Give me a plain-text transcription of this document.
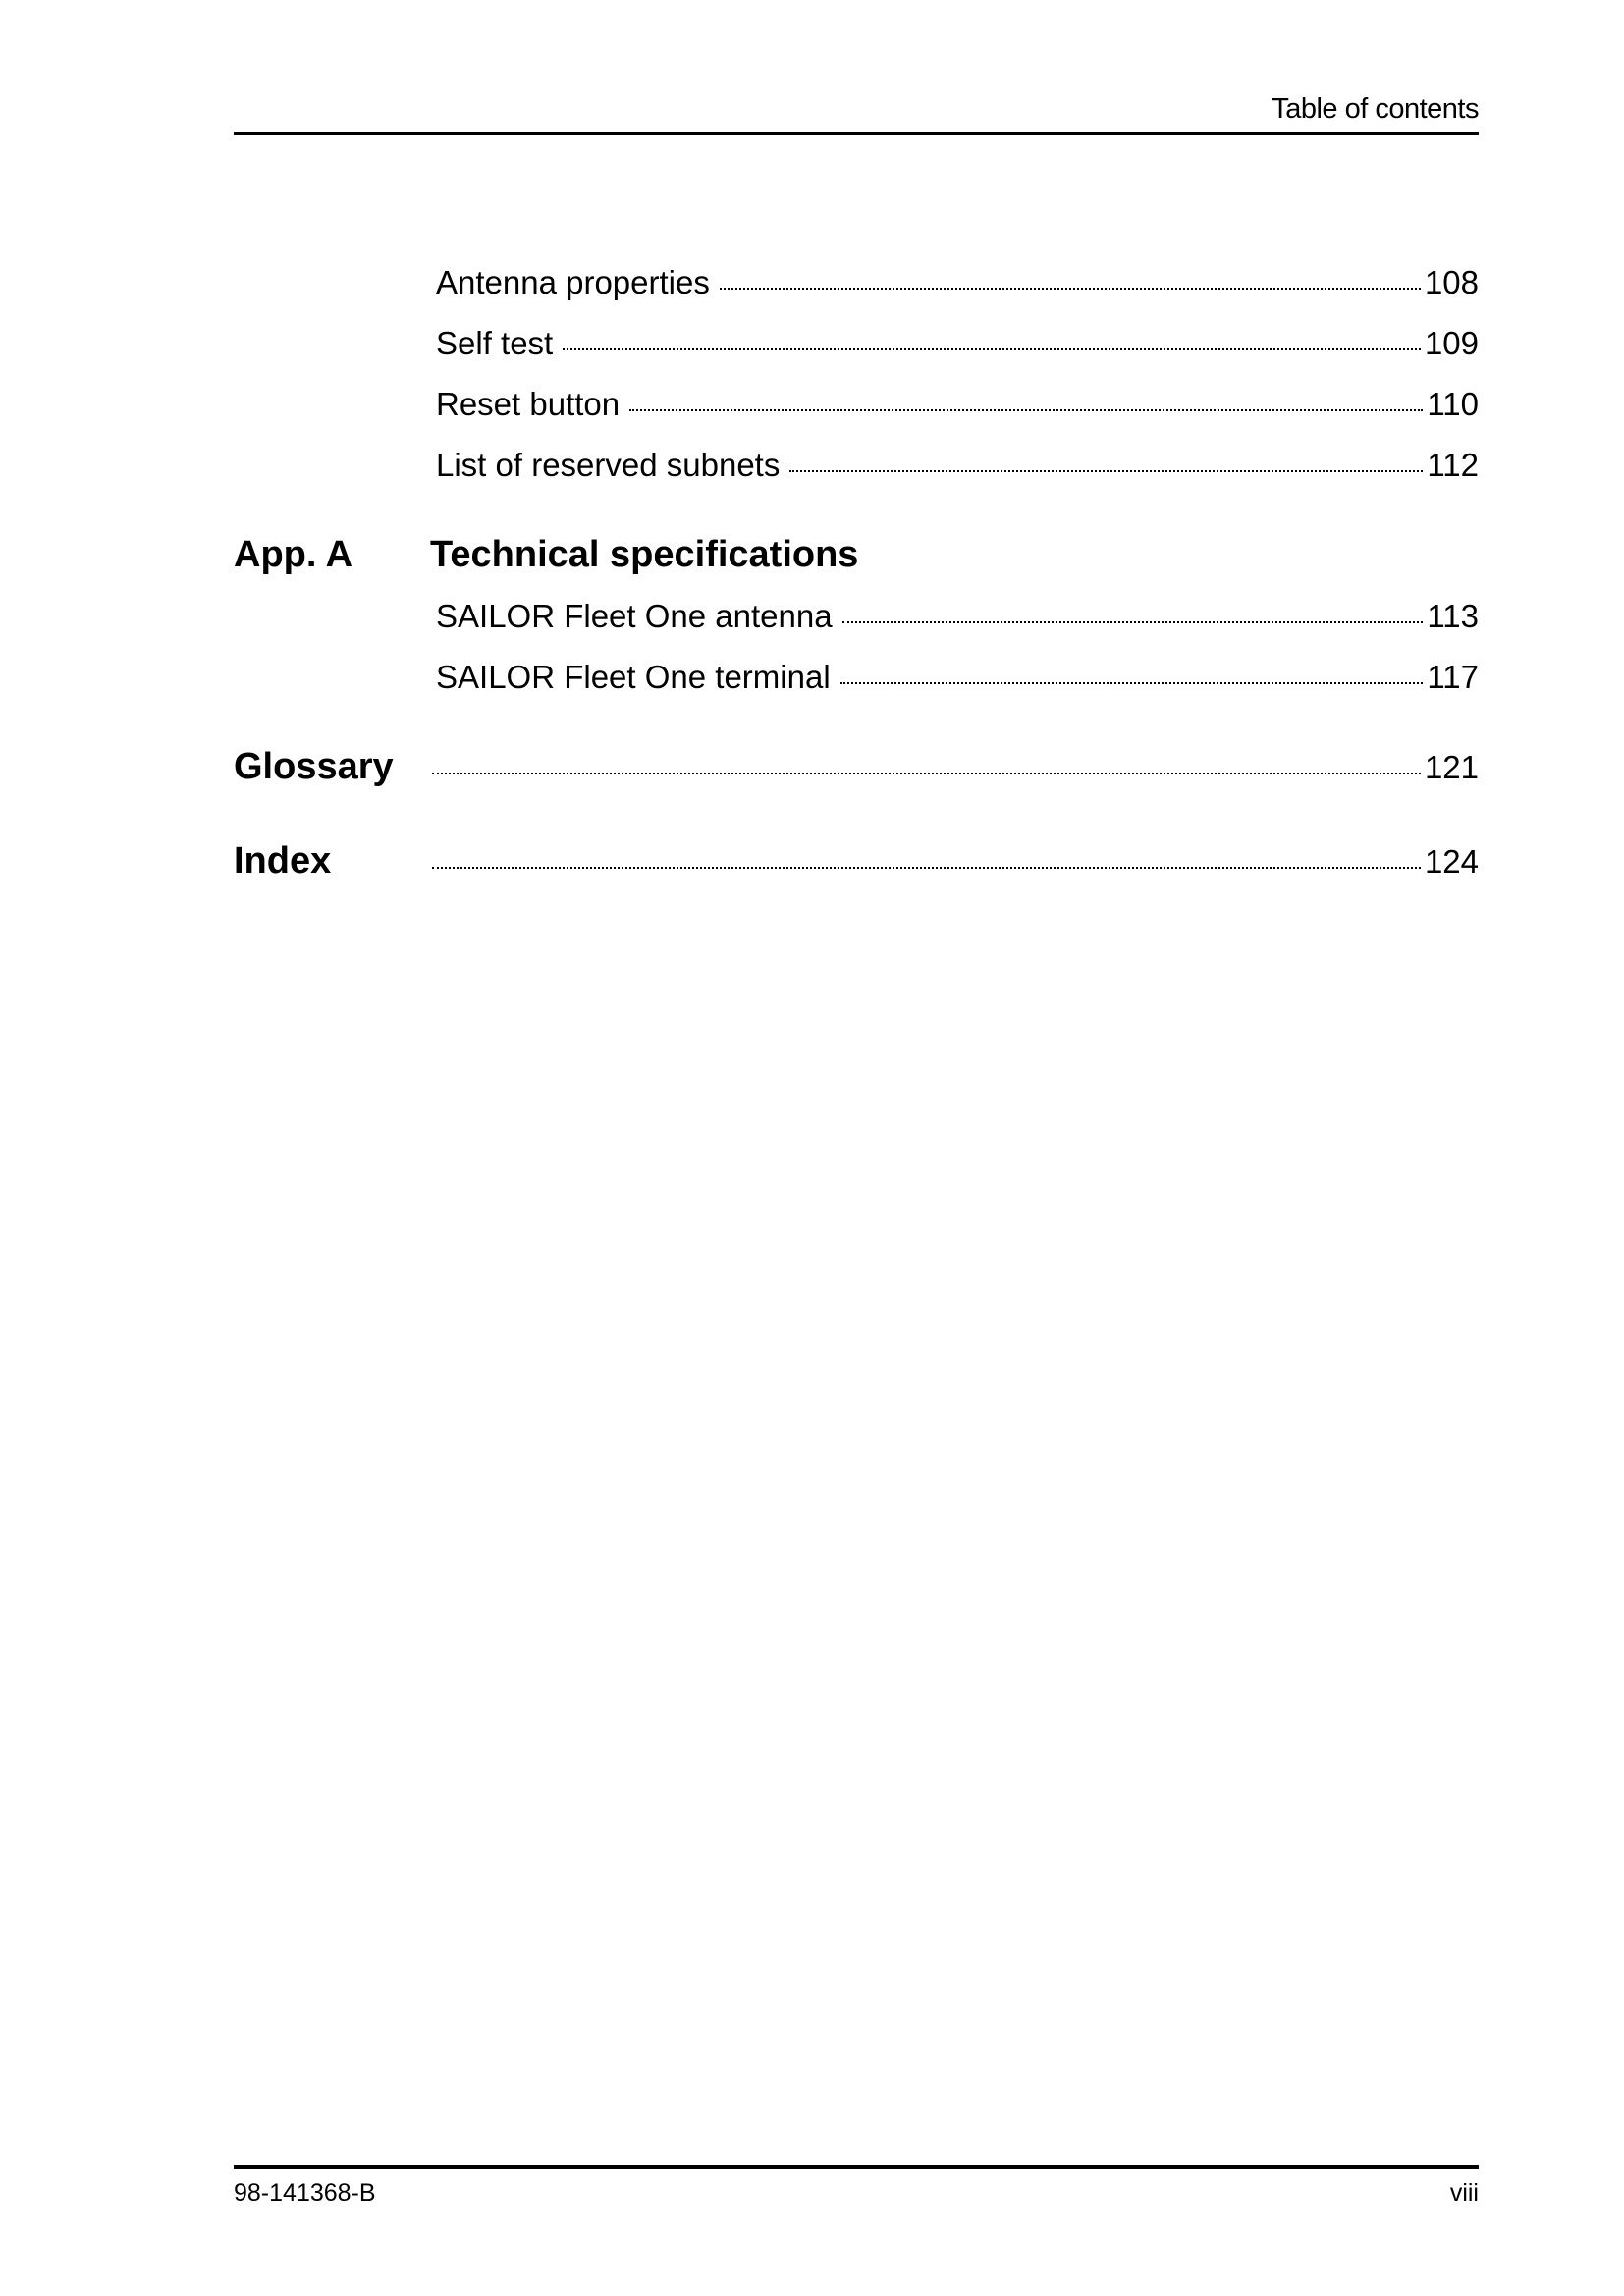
Table of contents
Antenna properties	108
Self test	109
Reset button	110
List of reserved subnets	112
App. A Technical specifications
SAILOR Fleet One antenna	113
SAILOR Fleet One terminal	117
Glossary	121
Index	124
98-141368-B	viii
